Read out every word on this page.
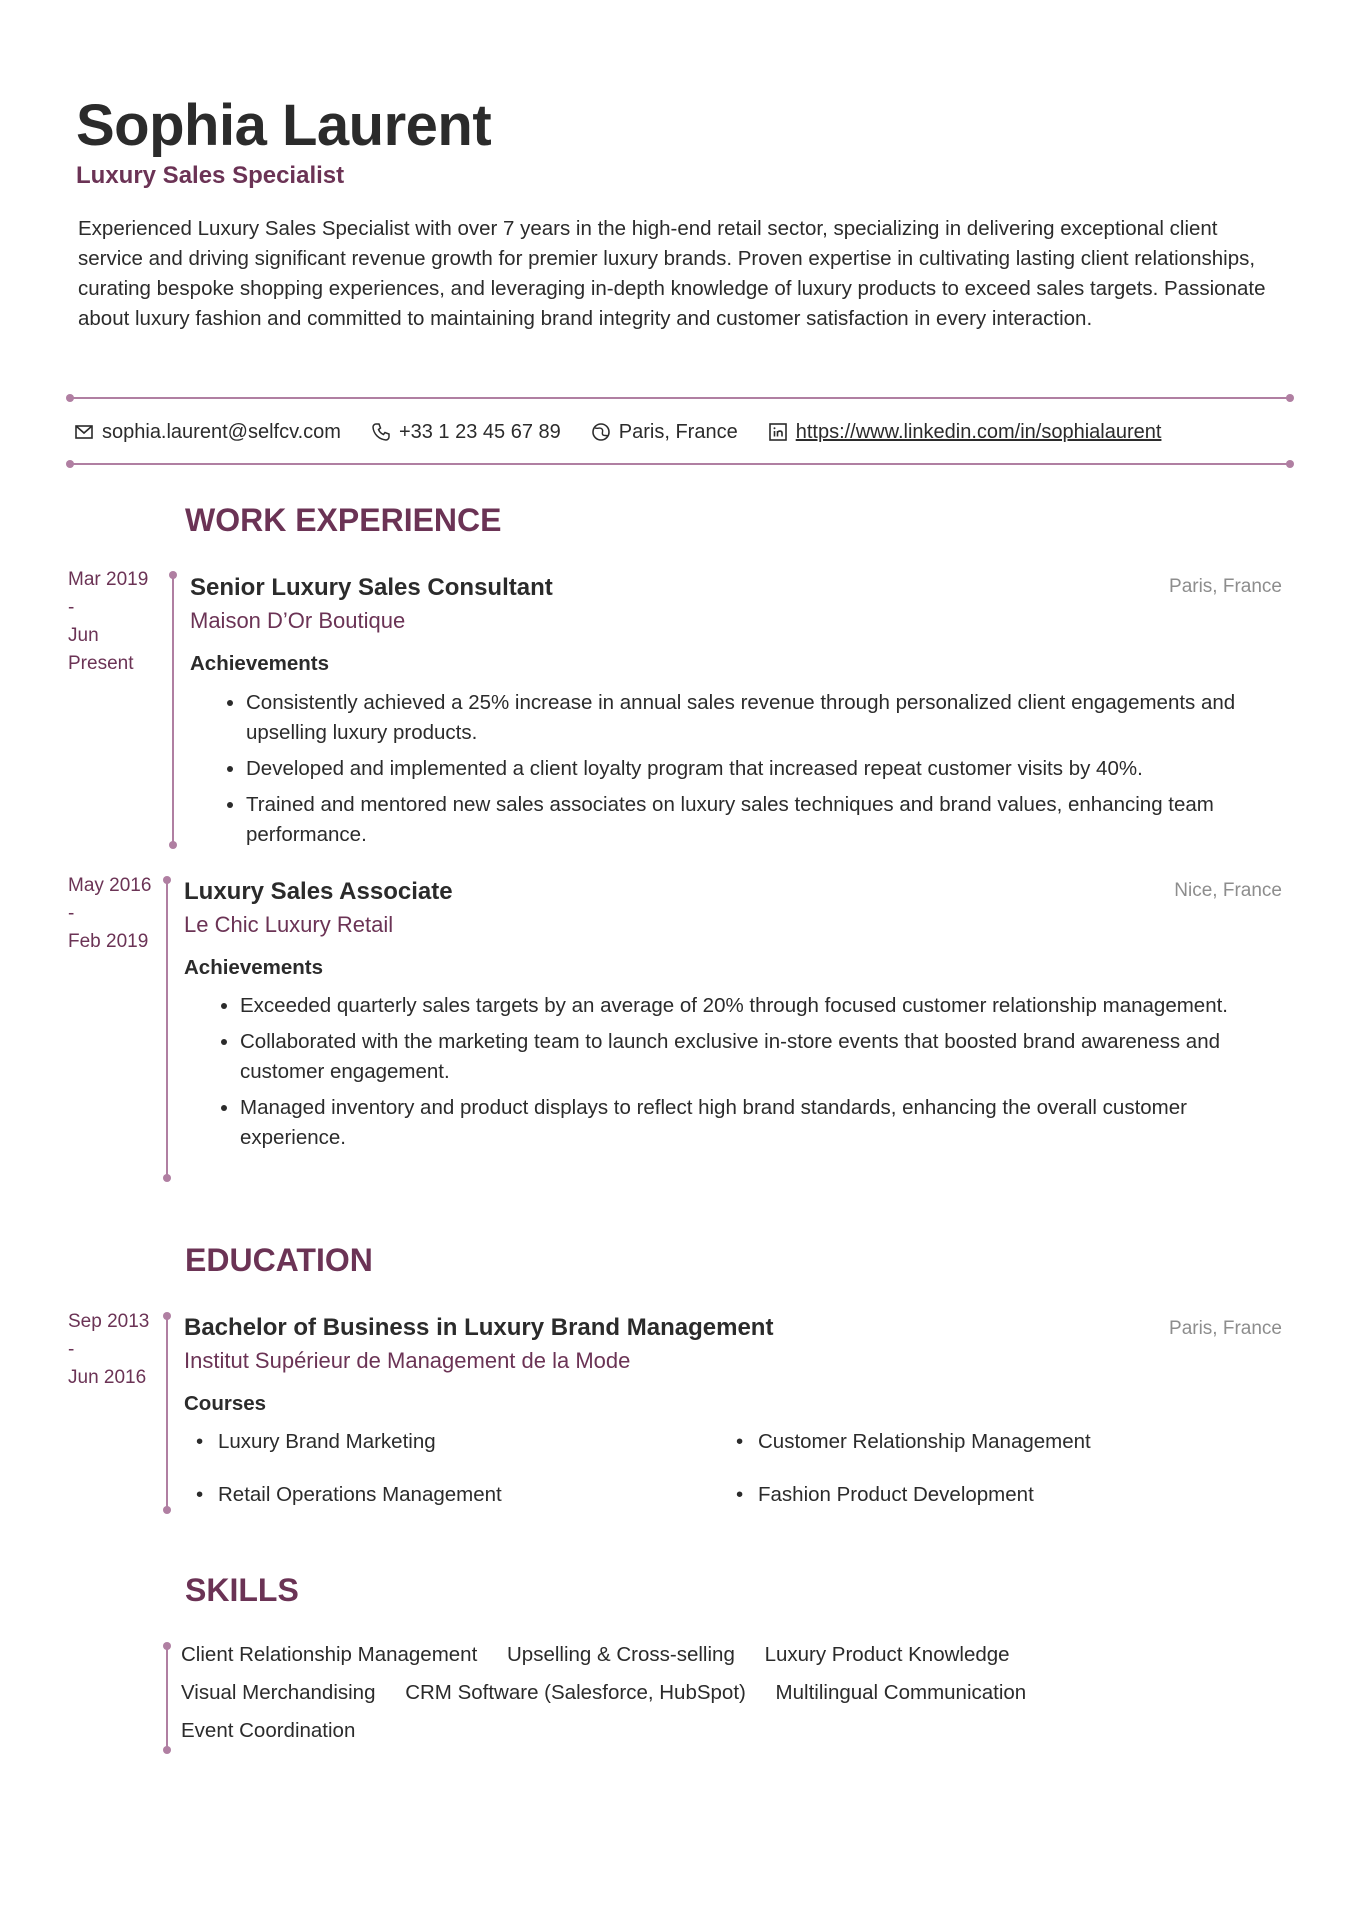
Sophia Laurent
Luxury Sales Specialist
Experienced Luxury Sales Specialist with over 7 years in the high-end retail sector, specializing in delivering exceptional client service and driving significant revenue growth for premier luxury brands. Proven expertise in cultivating lasting client relationships, curating bespoke shopping experiences, and leveraging in-depth knowledge of luxury products to exceed sales targets. Passionate about luxury fashion and committed to maintaining brand integrity and customer satisfaction in every interaction.
sophia.laurent@selfcv.com	+33 1 23 45 67 89	Paris, France	https://www.linkedin.com/in/sophialaurent
WORK EXPERIENCE
Mar 2019
-
Jun
Present
Senior Luxury Sales Consultant	Paris, France
Maison D’Or Boutique
Achievements
• Consistently achieved a 25% increase in annual sales revenue through personalized client engagements and upselling luxury products.
• Developed and implemented a client loyalty program that increased repeat customer visits by 40%.
• Trained and mentored new sales associates on luxury sales techniques and brand values, enhancing team performance.
May 2016
-
Feb 2019
Luxury Sales Associate	Nice, France
Le Chic Luxury Retail
Achievements
• Exceeded quarterly sales targets by an average of 20% through focused customer relationship management.
• Collaborated with the marketing team to launch exclusive in-store events that boosted brand awareness and customer engagement.
• Managed inventory and product displays to reflect high brand standards, enhancing the overall customer experience.
EDUCATION
Sep 2013
-
Jun 2016
Bachelor of Business in Luxury Brand Management	Paris, France
Institut Supérieur de Management de la Mode
Courses
• Luxury Brand Marketing	• Customer Relationship Management
• Retail Operations Management	• Fashion Product Development
SKILLS
Client Relationship Management Upselling & Cross-selling Luxury Product Knowledge
Visual Merchandising CRM Software (Salesforce, HubSpot) Multilingual Communication
Event Coordination
